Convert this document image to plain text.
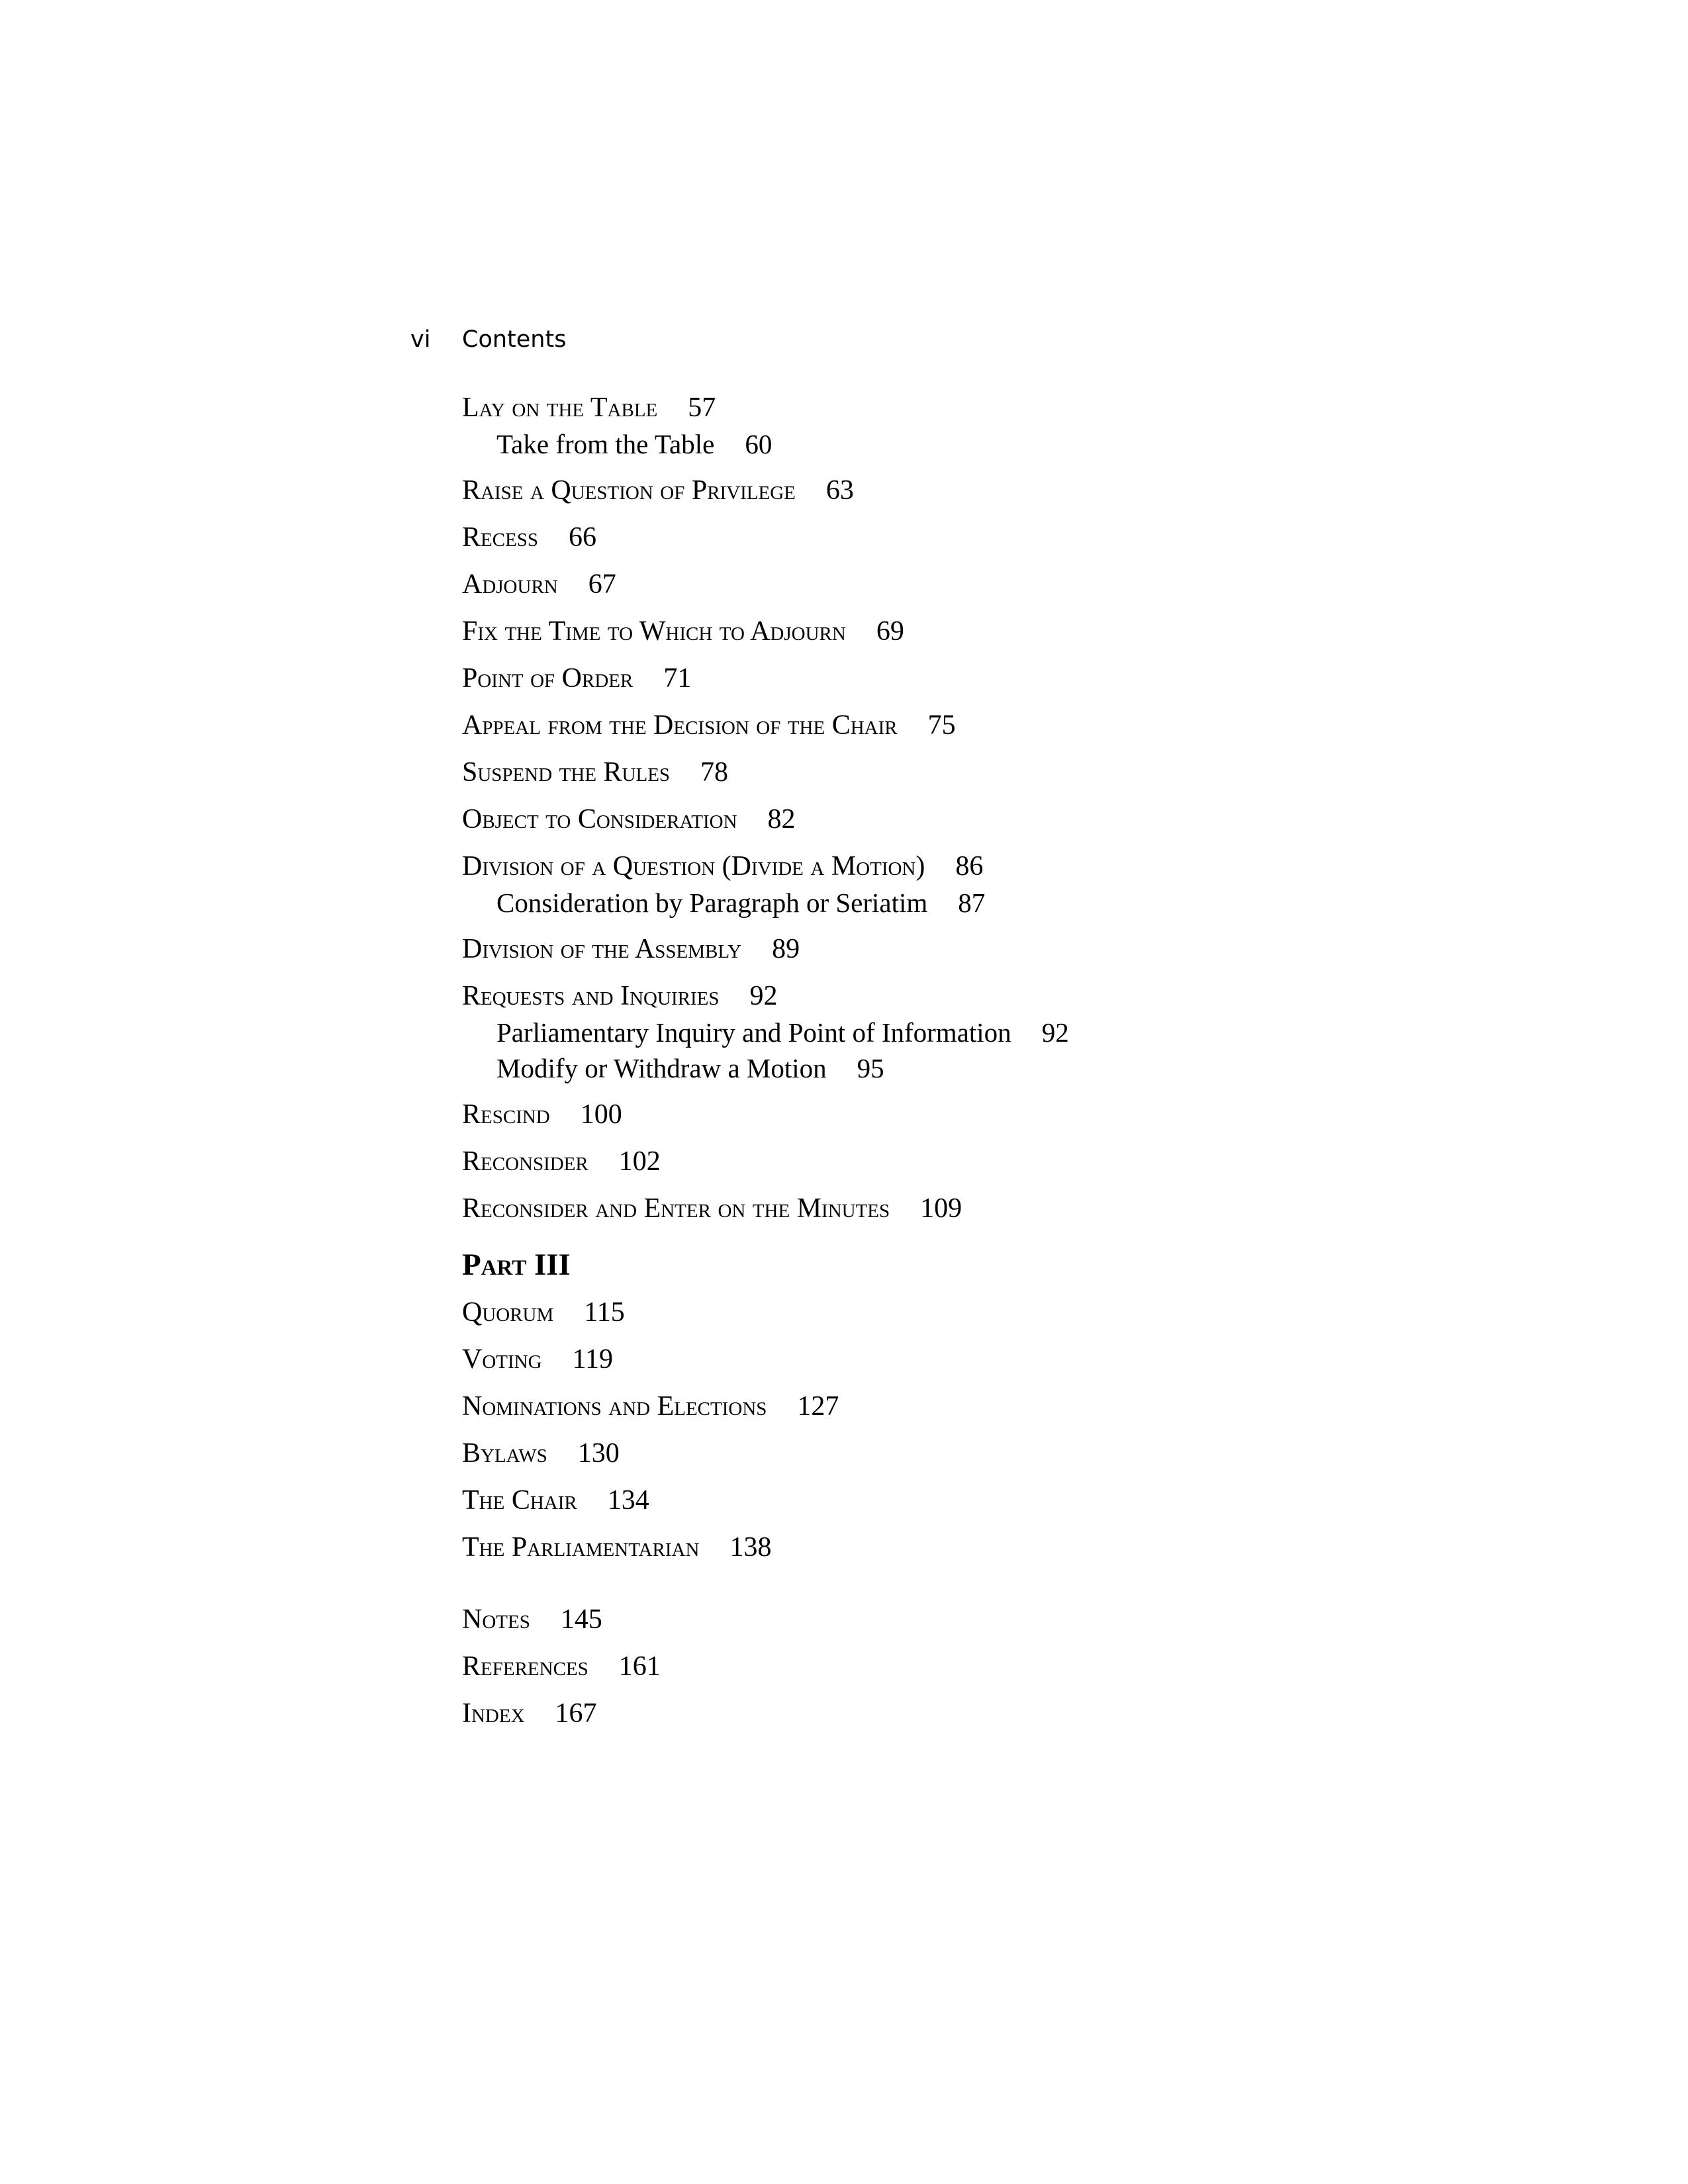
vi Contents
Lay on the Table 57
Take from the Table 60
Raise a Question of Privilege 63
Recess 66
Adjourn 67
Fix the Time to Which to Adjourn 69
Point of Order 71
Appeal from the Decision of the Chair 75
Suspend the Rules 78
Object to Consideration 82
Division of a Question (Divide a Motion) 86
Consideration by Paragraph or Seriatim 87
Division of the Assembly 89
Requests and Inquiries 92
Parliamentary Inquiry and Point of Information 92
Modify or Withdraw a Motion 95
Rescind 100
Reconsider 102
Reconsider and Enter on the Minutes 109
Part III
Quorum 115
Voting 119
Nominations and Elections 127
Bylaws 130
The Chair 134
The Parliamentarian 138
Notes 145
References 161
Index 167
